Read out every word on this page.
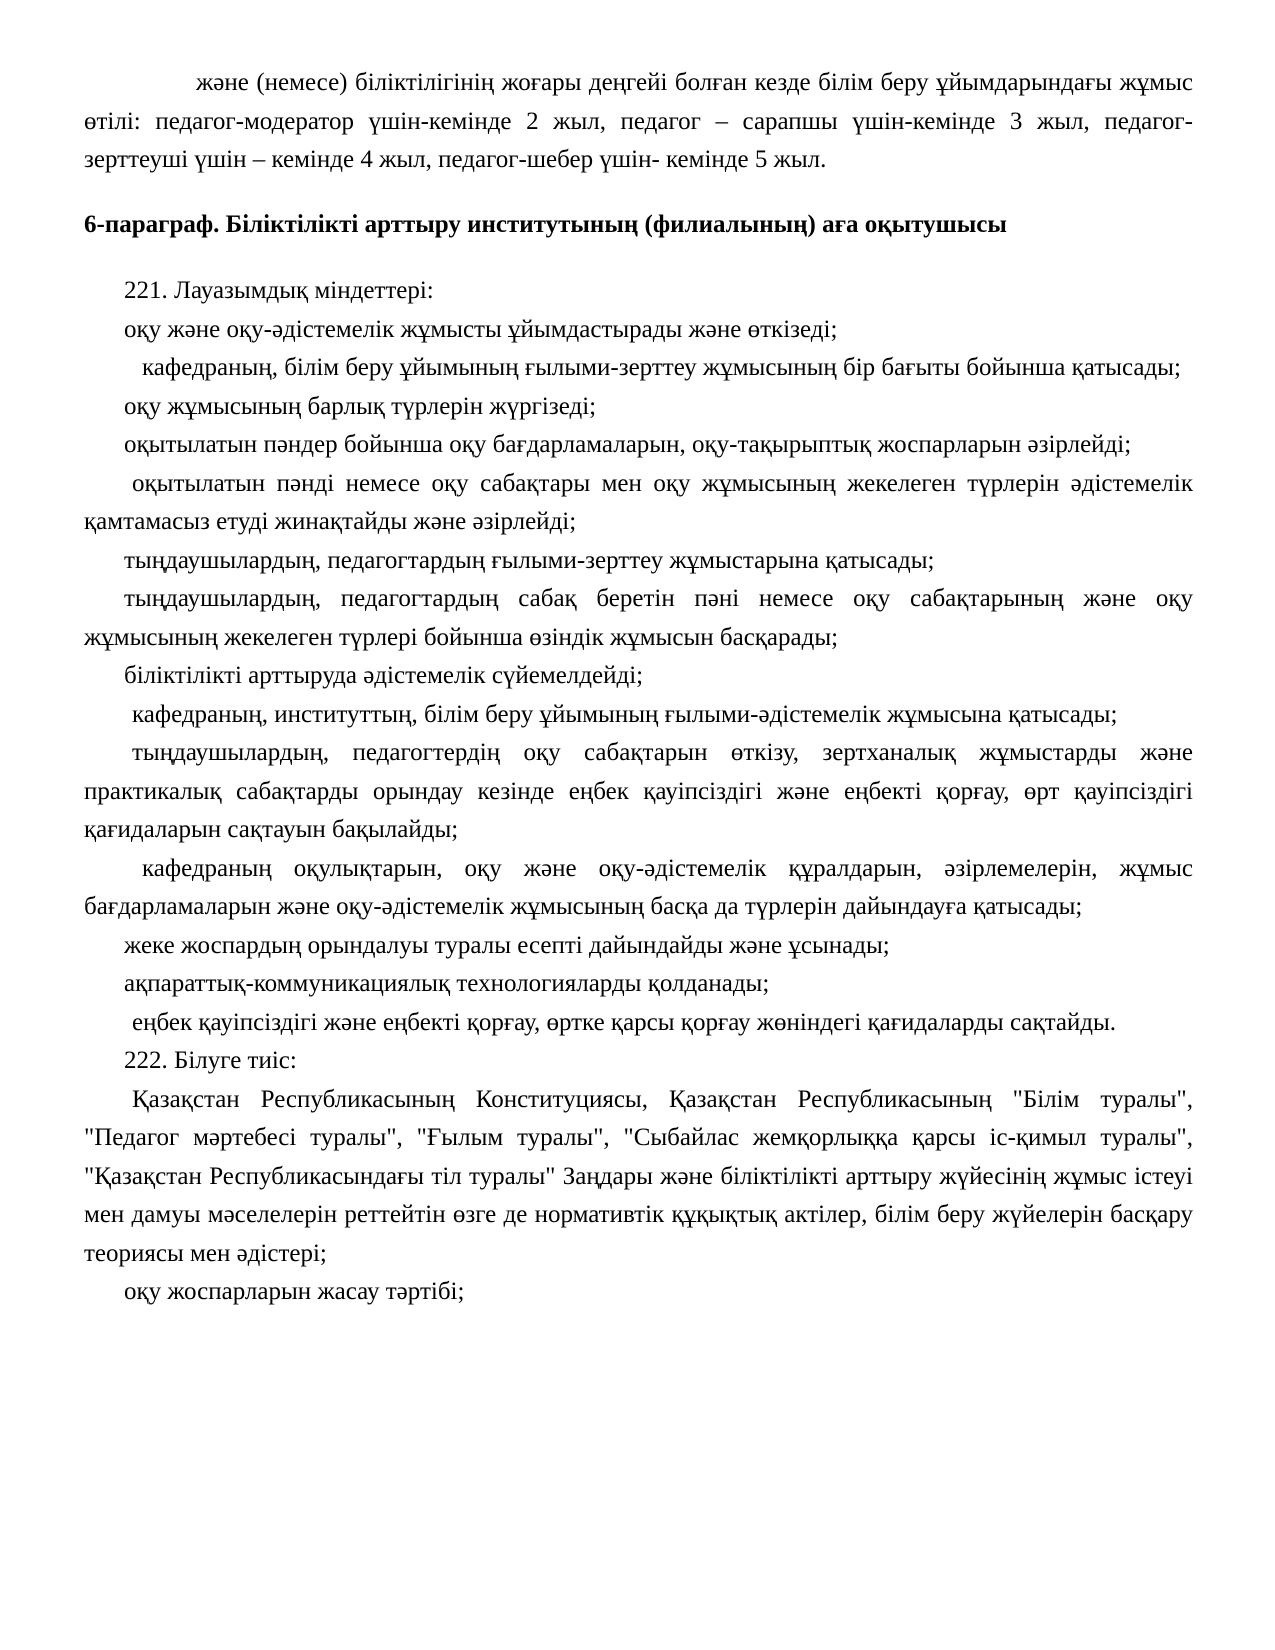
және (немесе) біліктілігінің жоғары деңгейі болған кезде білім беру ұйымдарындағы жұмыс өтілі: педагог-модератор үшін-кемінде 2 жыл, педагог – сарапшы үшін-кемінде 3 жыл, педагог-зерттеуші үшін – кемінде 4 жыл, педагог-шебер үшін- кемінде 5 жыл.

6-параграф. Біліктілікті арттыру институтының (филиалының) аға оқытушысы

221. Лауазымдық міндеттері:

оқу және оқу-әдістемелік жұмысты ұйымдастырады және өткізеді;

кафедраның, білім беру ұйымының ғылыми-зерттеу жұмысының бір бағыты бойынша қатысады;

оқу жұмысының барлық түрлерін жүргізеді;

оқытылатын пәндер бойынша оқу бағдарламаларын, оқу-тақырыптық жоспарларын әзірлейді;

оқытылатын пәнді немесе оқу сабақтары мен оқу жұмысының жекелеген түрлерін әдістемелік қамтамасыз етуді жинақтайды және әзірлейді;

тыңдаушылардың, педагогтардың ғылыми-зерттеу жұмыстарына қатысады;

тыңдаушылардың, педагогтардың сабақ беретін пәні немесе оқу сабақтарының және оқу жұмысының жекелеген түрлері бойынша өзіндік жұмысын басқарады;

біліктілікті арттыруда әдістемелік сүйемелдейді;

кафедраның, институттың, білім беру ұйымының ғылыми-әдістемелік жұмысына қатысады;

тыңдаушылардың, педагогтердің оқу сабақтарын өткізу, зертханалық жұмыстарды және практикалық сабақтарды орындау кезінде еңбек қауіпсіздігі және еңбекті қорғау, өрт қауіпсіздігі қағидаларын сақтауын бақылайды;

кафедраның оқулықтарын, оқу және оқу-әдістемелік құралдарын, әзірлемелерін, жұмыс бағдарламаларын және оқу-әдістемелік жұмысының басқа да түрлерін дайындауға қатысады;

жеке жоспардың орындалуы туралы есепті дайындайды және ұсынады;

ақпараттық-коммуникациялық технологияларды қолданады;

еңбек қауіпсіздігі және еңбекті қорғау, өртке қарсы қорғау жөніндегі қағидаларды сақтайды.

222. Білуге тиіс:

Қазақстан Республикасының Конституциясы, Қазақстан Республикасының "Білім туралы", "Педагог мәртебесі туралы", "Ғылым туралы", "Сыбайлас жемқорлыққа қарсы іс-қимыл туралы", "Қазақстан Республикасындағы тіл туралы" Заңдары және біліктілікті арттыру жүйесінің жұмыс істеуі мен дамуы мәселелерін реттейтін өзге де нормативтік құқықтық актілер, білім беру жүйелерін басқару теориясы мен әдістері;

оқу жоспарларын жасау тәртібі;
